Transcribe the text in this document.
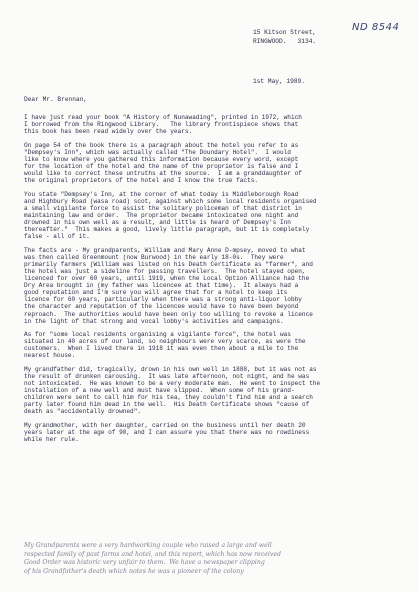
ND 8544
15 Kitson Street,
RINGWOOD.   3134.
1st May, 1989.
Dear Mr. Brennan,

I have just read your book "A History of Nunawading", printed in 1972, which
I borrowed from the Ringwood Library.   The library frontispiece shows that
this book has been read widely over the years.

On page 54 of the book there is a paragraph about the hotel you refer to as
"Dempsey's Inn", which was actually called "The Doundary Hotel".  I would
like to know where you gathered this information because every word, except
for the location of the hotel and the name of the proprietor is false and I
would like to correct these untruths at the source.  I am a granddaughter of
the original proprietors of the hotel and I know the true facts.

You state "Dempsey's Inn, at the corner of what today is Middleborough Road
and Highbury Road (wasa road) scot, against which some local residents organised
a small vigilante force to assist the solitary policeman of that district in
maintaining law and order.  The proprietor became intoxicated one night and
drowned in his own well as a result, and little is heard of Dempsey's Inn
thereafter."  This makes a good, lively little paragraph, but it is completely
false - all of it.

The facts are - My grandparents, William and Mary Anne D-mpsey, moved to what
was then called Greenmount (now Burwood) in the early 18-0s.  They were
primarily farmers (William was listed on his Death Certificate as "farmer", and
the hotel was just a sideline for passing travellers.  The hotel stayed open,
licenced for over 60 years, until 1919, when the Local Option Alliance had the
Dry Area brought in (my father was licencee at that time).  It always had a
good reputation and I'm sure you will agree that for a hotel to keep its
licence for 60 years, particularly when there was a strong anti-liquor lobby
the character and reputation of the licencee would have to have been beyond
reproach.  The authorities would have been only too willing to revoke a licence
in the light of that strong and vocal lobby's activities and campaigns.

As for "some local residents organising a vigilante force", the hotel was
situated in 40 acres of our land, so neighbours were very scarce, as were the
customers.  When I lived there in 1918 it was even then about a mile to the
nearest house.

My grandfather did, tragically, drown in his own well in 1888, but it was not as
the result of drunken carousing.  It was late afternoon, not night, and he was
not intoxicated.  He was known to be a very moderate man.  He went to inspect the
installation of a new well and must have slipped.  When some of his grand-
children were sent to call him for his tea, they couldn't find him and a search
party later found him dead in the well.  His Death Certificate shows "cause of
death as "accidentally drowned".

My grandmother, with her daughter, carried on the business until her death 20
years later at the age of 90, and I can assure you that there was no rowdiness
while her rule.

My Grandparents were a very hardworking couple who raised a large and well
respected family of past farms and hotel, and this report, which has now received
Good Order was historic very unfair to them.  We have a newspaper clipping
of his Grandfather's death which notes he was a pioneer of the colony
